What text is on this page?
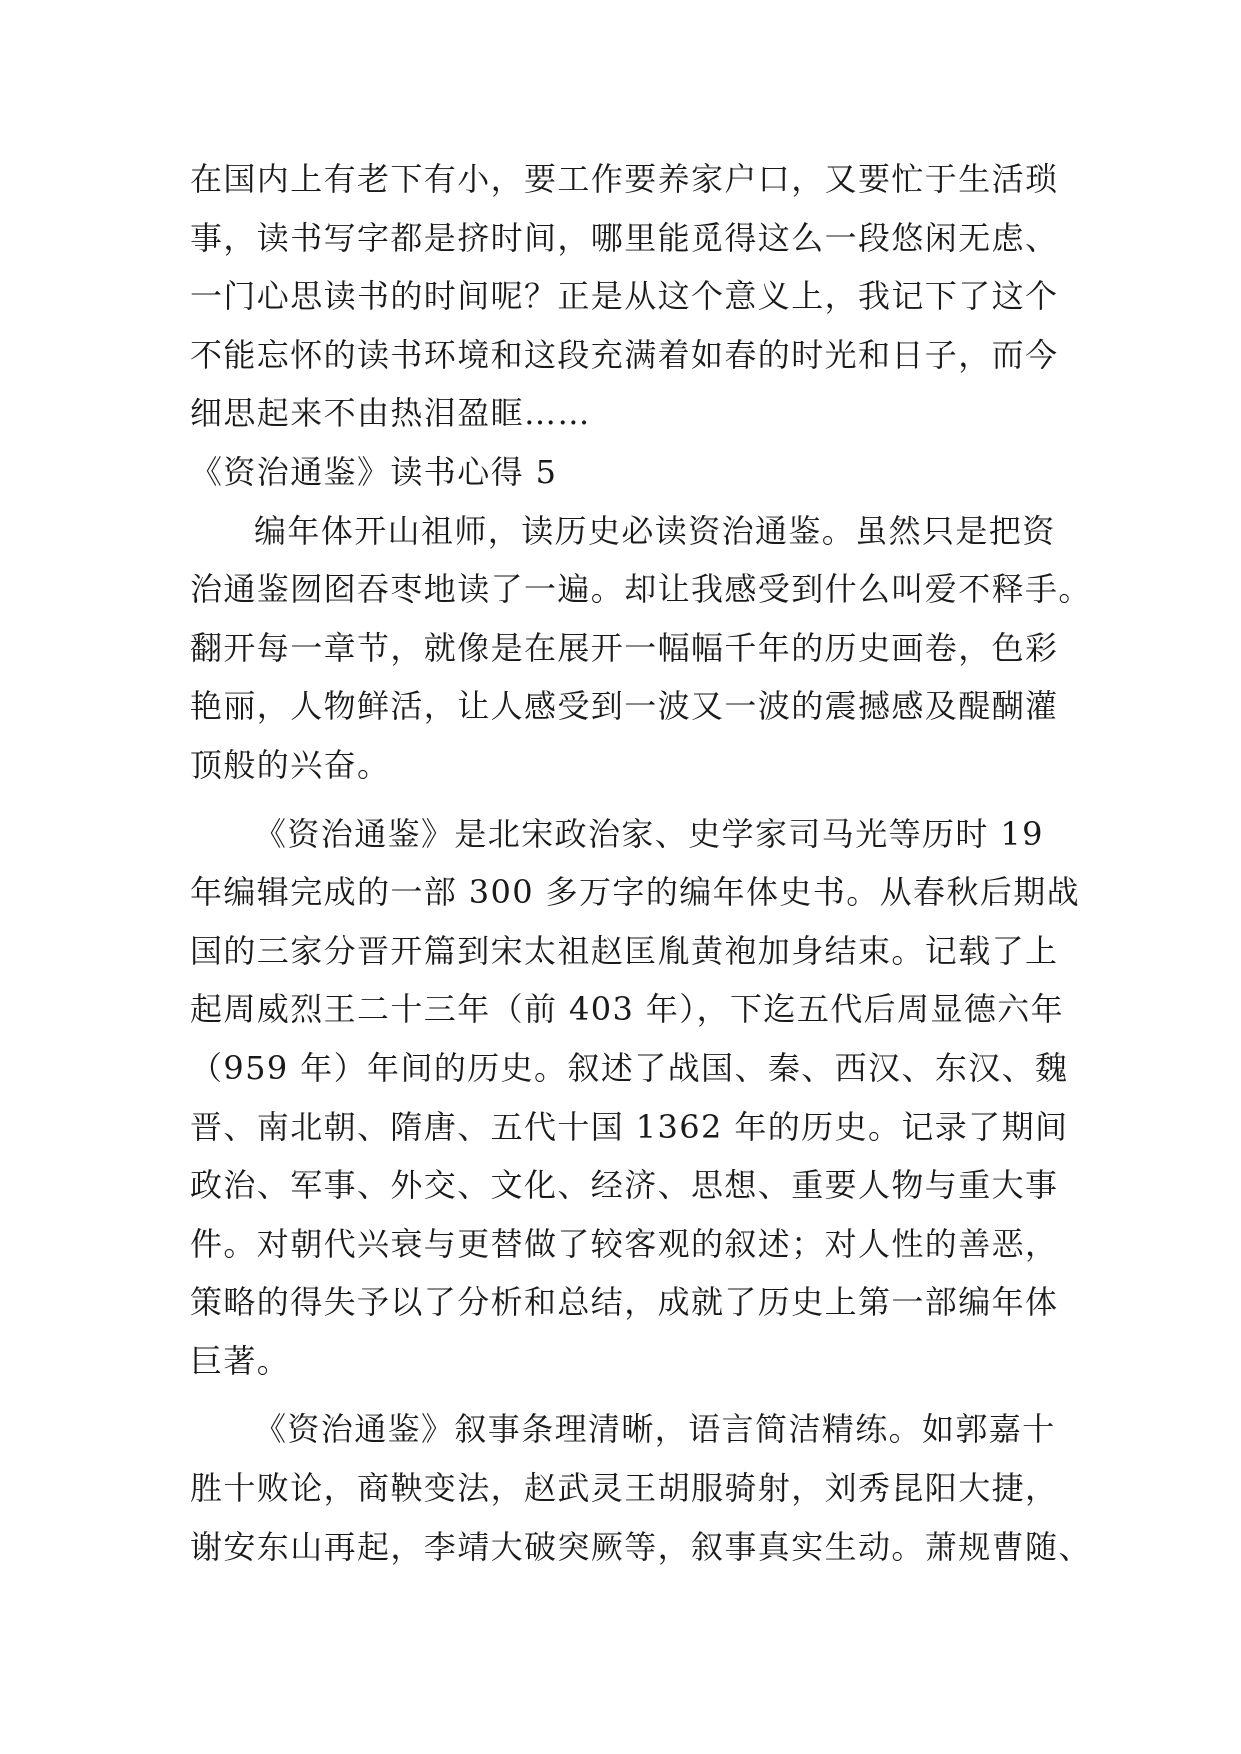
在国内上有老下有小，要工作要养家户口，又要忙于生活琐
事，读书写字都是挤时间，哪里能觅得这么一段悠闲无虑、
一门心思读书的时间呢？正是从这个意义上，我记下了这个
不能忘怀的读书环境和这段充满着如春的时光和日子，而今
细思起来不由热泪盈眶……
《资治通鉴》读书心得 5
编年体开山祖师，读历史必读资治通鉴。虽然只是把资
治通鉴囫囵吞枣地读了一遍。却让我感受到什么叫爱不释手。
翻开每一章节，就像是在展开一幅幅千年的历史画卷，色彩
艳丽，人物鲜活，让人感受到一波又一波的震撼感及醍醐灌
顶般的兴奋。
《资治通鉴》是北宋政治家、史学家司马光等历时 19
年编辑完成的一部 300 多万字的编年体史书。从春秋后期战
国的三家分晋开篇到宋太祖赵匡胤黄袍加身结束。记载了上
起周威烈王二十三年（前 403 年），下迄五代后周显德六年
（959 年）年间的历史。叙述了战国、秦、西汉、东汉、魏
晋、南北朝、隋唐、五代十国 1362 年的历史。记录了期间
政治、军事、外交、文化、经济、思想、重要人物与重大事
件。对朝代兴衰与更替做了较客观的叙述；对人性的善恶，
策略的得失予以了分析和总结，成就了历史上第一部编年体
巨著。
《资治通鉴》叙事条理清晰，语言简洁精练。如郭嘉十
胜十败论，商鞅变法，赵武灵王胡服骑射，刘秀昆阳大捷，
谢安东山再起，李靖大破突厥等，叙事真实生动。萧规曹随、
